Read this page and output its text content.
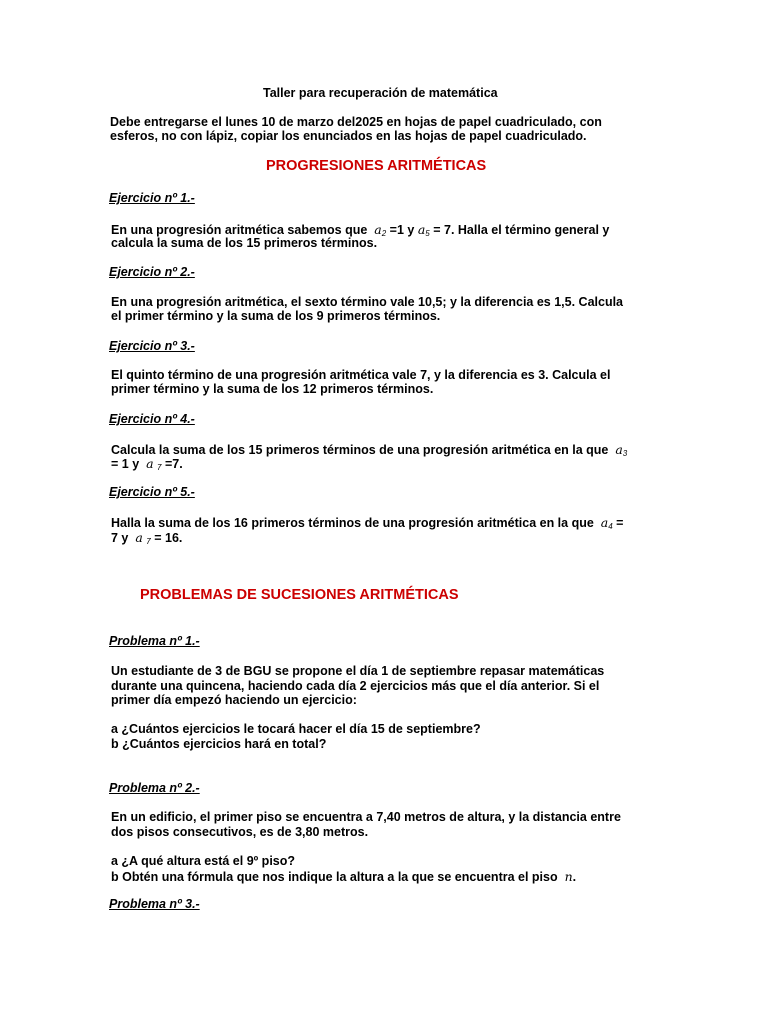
Taller para recuperación de matemática

Debe entregarse el lunes 10 de marzo del2025 en hojas de papel cuadriculado, con

esferos, no con lápiz, copiar los enunciados en las hojas de papel cuadriculado.

PROGRESIONES ARITMÉTICAS

Ejercicio nº 1.-

En una progresión aritmética sabemos que $a_2 =1$ y $a_5 = 7$. Halla el término general y

calcula la suma de los 15 primeros términos.

Ejercicio nº 2.-

En una progresión aritmética, el sexto término vale 10,5; y la diferencia es 1,5. Calcula

el primer término y la suma de los 9 primeros términos.

Ejercicio nº 3.-

El quinto término de una progresión aritmética vale 7, y la diferencia es 3. Calcula el

primer término y la suma de los 12 primeros términos.

Ejercicio nº 4.-

Calcula la suma de los 15 primeros términos de una progresión aritmética en la que $a_3$

= 1 y a $_7$ =7.

Ejercicio nº 5.-

Halla la suma de los 16 primeros términos de una progresión aritmética en la que $a_4$ =

7 y a $_7$ = 16.

PROBLEMAS DE SUCESIONES ARITMÉTICAS

Problema nº 1.-

Un estudiante de 3 de BGU se propone el día 1 de septiembre repasar matemáticas

durante una quincena, haciendo cada día 2 ejercicios más que el día anterior. Si el

primer día empezó haciendo un ejercicio:

a ¿Cuántos ejercicios le tocará hacer el día 15 de septiembre?

b ¿Cuántos ejercicios hará en total?

Problema nº 2.-

En un edificio, el primer piso se encuentra a 7,40 metros de altura, y la distancia entre

dos pisos consecutivos, es de 3,80 metros.

a ¿A qué altura está el 9º piso?

b Obtén una fórmula que nos indique la altura a la que se encuentra el piso n.

Problema nº 3.-
